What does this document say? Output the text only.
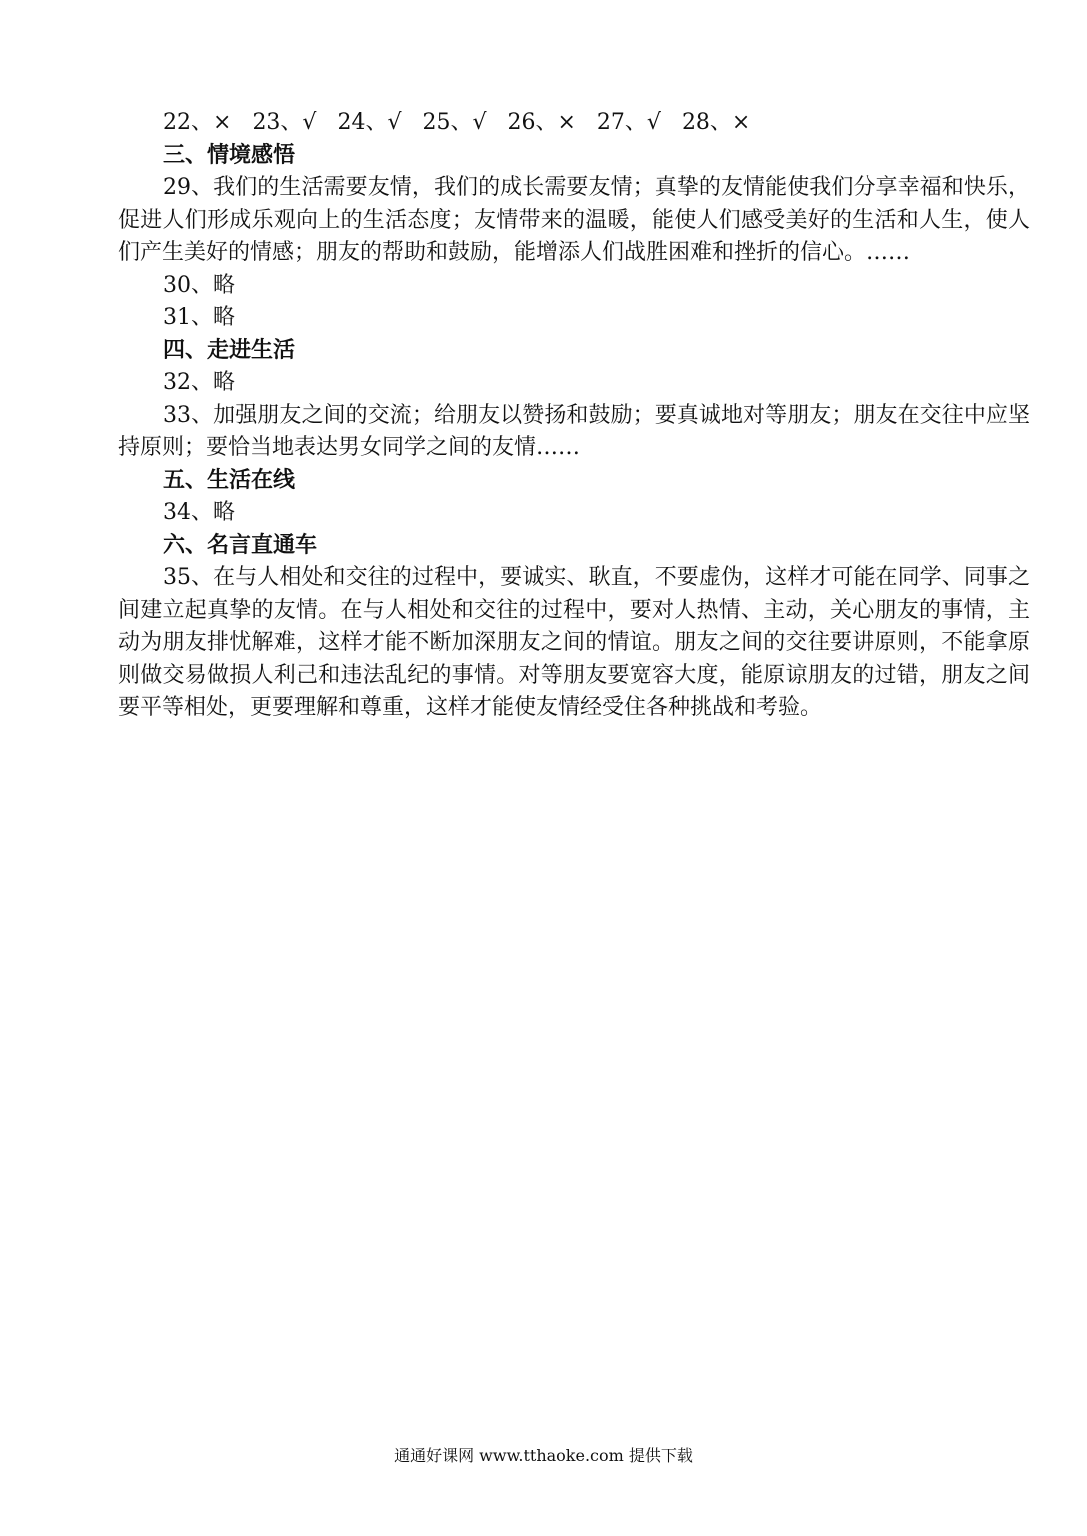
22、× 23、√ 24、√ 25、√ 26、× 27、√ 28、×

三、情境感悟

29、我们的生活需要友情，我们的成长需要友情；真挚的友情能使我们分享幸福和快乐，促进人们形成乐观向上的生活态度；友情带来的温暖，能使人们感受美好的生活和人生，使人们产生美好的情感；朋友的帮助和鼓励，能增添人们战胜困难和挫折的信心。……

30、略

31、略

四、走进生活

32、略

33、加强朋友之间的交流；给朋友以赞扬和鼓励；要真诚地对等朋友；朋友在交往中应坚持原则；要恰当地表达男女同学之间的友情……

五、生活在线

34、略

六、名言直通车

35、在与人相处和交往的过程中，要诚实、耿直，不要虚伪，这样才可能在同学、同事之间建立起真挚的友情。在与人相处和交往的过程中，要对人热情、主动，关心朋友的事情，主动为朋友排忧解难，这样才能不断加深朋友之间的情谊。朋友之间的交往要讲原则，不能拿原则做交易做损人利己和违法乱纪的事情。对等朋友要宽容大度，能原谅朋友的过错，朋友之间要平等相处，更要理解和尊重，这样才能使友情经受住各种挑战和考验。

通通好课网 www.tthaoke.com 提供下载
